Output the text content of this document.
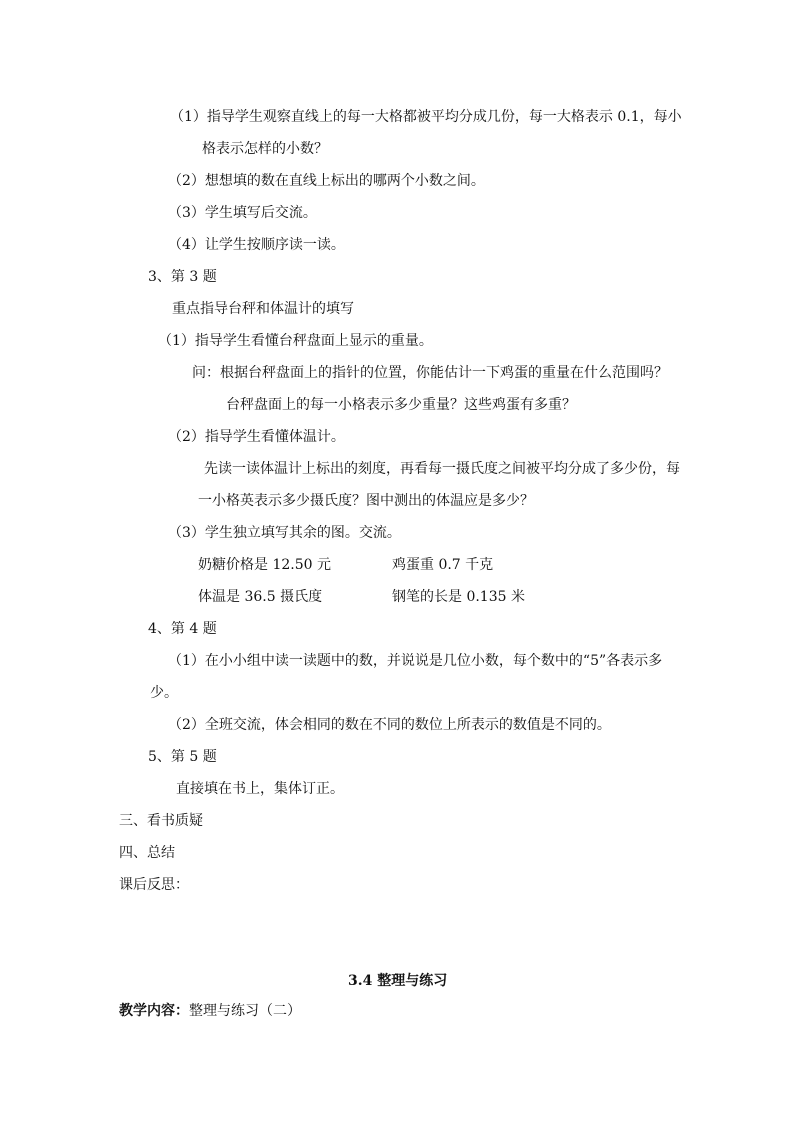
（1）指导学生观察直线上的每一大格都被平均分成几份，每一大格表示 0.1，每小
格表示怎样的小数？
（2）想想填的数在直线上标出的哪两个小数之间。
（3）学生填写后交流。
（4）让学生按顺序读一读。
3、第 3 题
重点指导台秤和体温计的填写
（1）指导学生看懂台秤盘面上显示的重量。
问：根据台秤盘面上的指针的位置，你能估计一下鸡蛋的重量在什么范围吗？
台秤盘面上的每一小格表示多少重量？这些鸡蛋有多重？
（2）指导学生看懂体温计。
先读一读体温计上标出的刻度，再看每一摄氏度之间被平均分成了多少份，每
一小格英表示多少摄氏度？图中测出的体温应是多少？
（3）学生独立填写其余的图。交流。
奶糖价格是 12.50 元	鸡蛋重 0.7 千克
体温是 36.5 摄氏度	钢笔的长是 0.135 米
4、第 4 题
（1）在小小组中读一读题中的数，并说说是几位小数，每个数中的“5”各表示多
少。
（2）全班交流，体会相同的数在不同的数位上所表示的数值是不同的。
5、第 5 题
直接填在书上，集体订正。
三、看书质疑
四、总结
课后反思：
3.4 整理与练习
教学内容：整理与练习（二）
